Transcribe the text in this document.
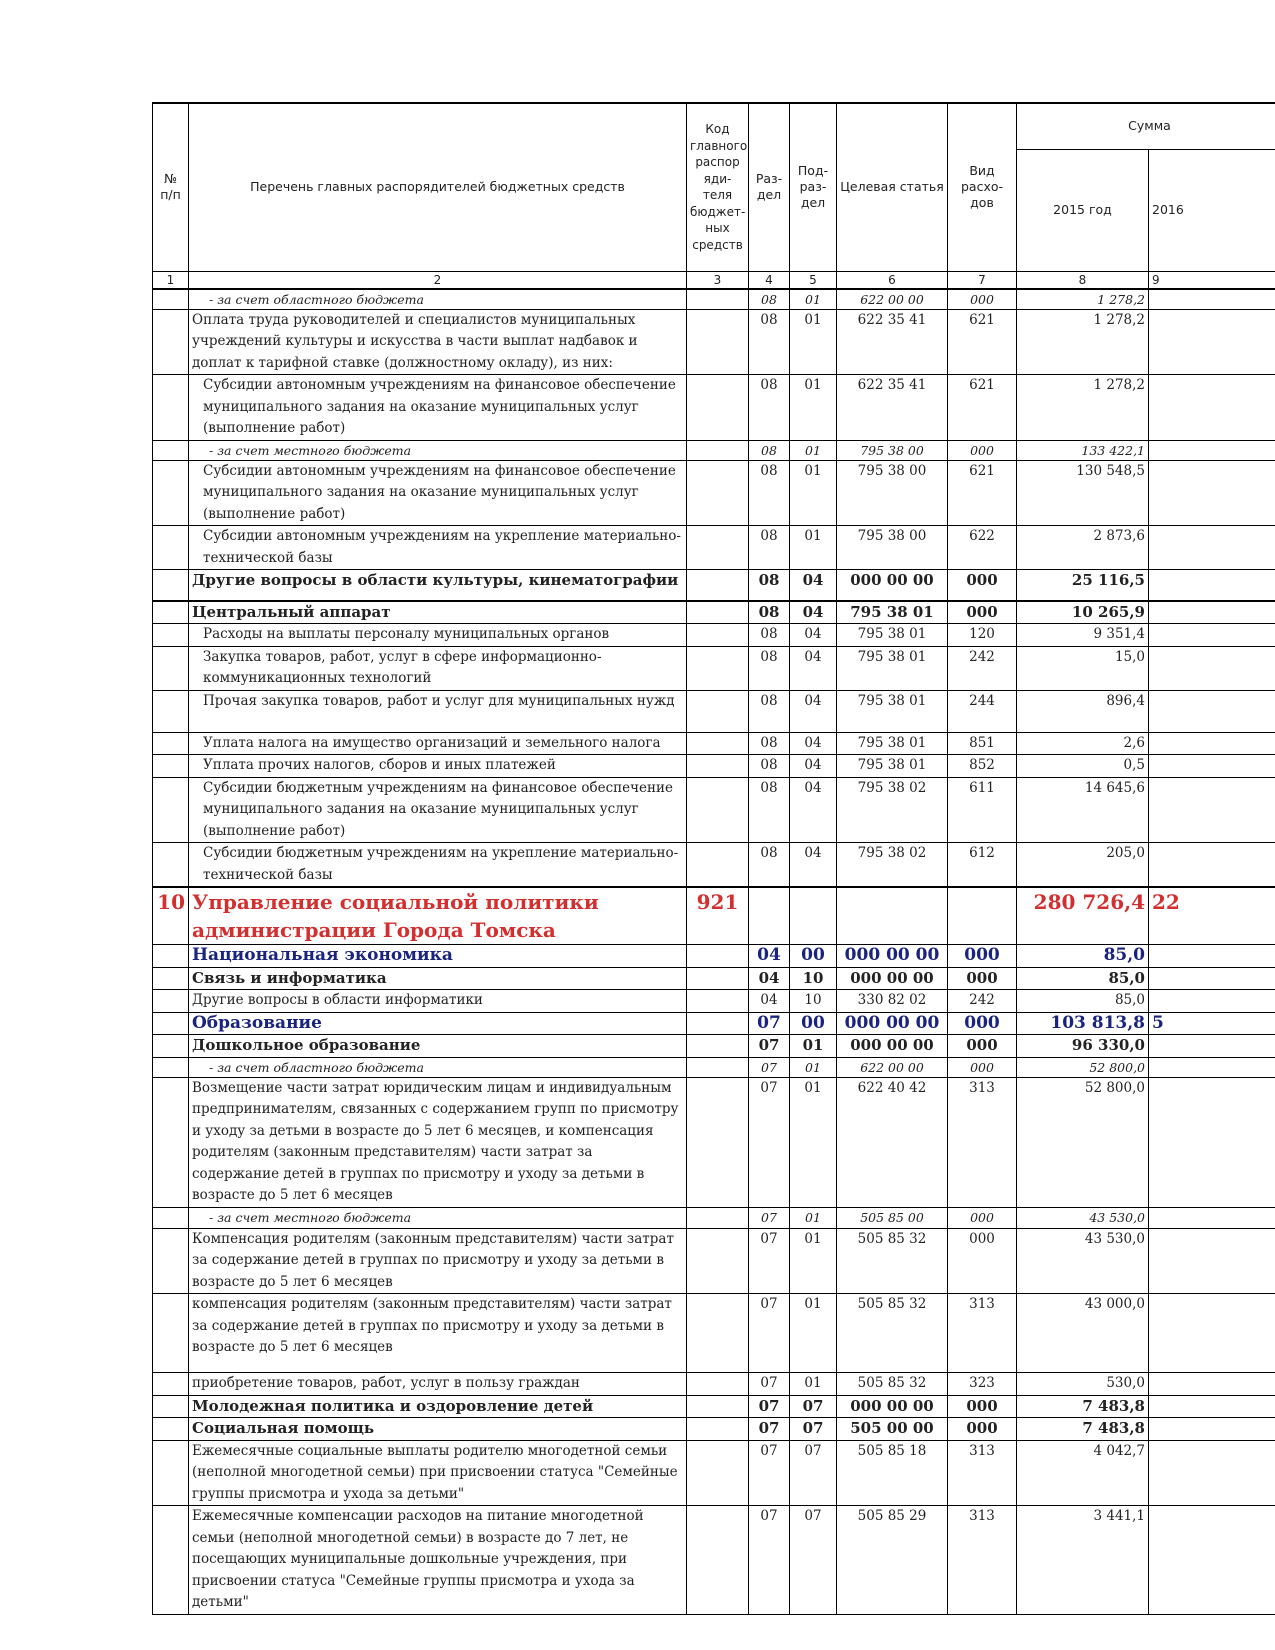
№ п/п	Перечень главных распорядителей бюджетных средств	Код главного распор яди- теля бюджет- ных средств	Раз- дел	Под- раз- дел	Целевая статья	Вид расхо- дов	Сумма	
							2015 год	2016
1	2	3	4	5	6	7	8	9
	- за счет областного бюджета		08	01	622 00 00	000	1 278,2	
	Оплата труда руководителей и специалистов муниципальных учреждений культуры и искусства в части выплат надбавок и доплат к тарифной ставке (должностному окладу), из них:		08	01	622 35 41	621	1 278,2	
	Субсидии автономным учреждениям на финансовое обеспечение муниципального задания на оказание муниципальных услуг (выполнение работ)		08	01	622 35 41	621	1 278,2	
	- за счет местного бюджета		08	01	795 38 00	000	133 422,1	
	Субсидии автономным учреждениям на финансовое обеспечение муниципального задания на оказание муниципальных услуг (выполнение работ)		08	01	795 38 00	621	130 548,5	
	Субсидии автономным учреждениям на укрепление материально-технической базы		08	01	795 38 00	622	2 873,6	
	Другие вопросы в области культуры, кинематографии		08	04	000 00 00	000	25 116,5	
	Центральный аппарат		08	04	795 38 01	000	10 265,9	
	Расходы на выплаты персоналу муниципальных органов		08	04	795 38 01	120	9 351,4	
	Закупка товаров, работ, услуг в сфере информационно-коммуникационных технологий		08	04	795 38 01	242	15,0	
	Прочая закупка товаров, работ и услуг для муниципальных нужд		08	04	795 38 01	244	896,4	
	Уплата налога на имущество организаций и земельного налога		08	04	795 38 01	851	2,6	
	Уплата прочих налогов, сборов и иных платежей		08	04	795 38 01	852	0,5	
	Субсидии бюджетным учреждениям на финансовое обеспечение муниципального задания на оказание муниципальных услуг (выполнение работ)		08	04	795 38 02	611	14 645,6	
	Субсидии бюджетным учреждениям на укрепление материально-технической базы		08	04	795 38 02	612	205,0	
10	Управление социальной политики администрации Города Томска	921					280 726,4	22
	Национальная экономика		04	00	000 00 00	000	85,0	
	Связь и информатика		04	10	000 00 00	000	85,0	
	Другие вопросы в области информатики		04	10	330 82 02	242	85,0	
	Образование		07	00	000 00 00	000	103 813,8	5
	Дошкольное образование		07	01	000 00 00	000	96 330,0	
	- за счет областного бюджета		07	01	622 00 00	000	52 800,0	
	Возмещение части затрат юридическим лицам и индивидуальным предпринимателям, связанных с содержанием групп по присмотру и уходу за детьми в возрасте до 5 лет 6 месяцев, и компенсация родителям (законным представителям) части затрат за содержание детей в группах по присмотру и уходу за детьми в возрасте до 5 лет 6 месяцев		07	01	622 40 42	313	52 800,0	
	- за счет местного бюджета		07	01	505 85 00	000	43 530,0	
	Компенсация родителям (законным представителям) части затрат за содержание детей в группах по присмотру и уходу за детьми в возрасте до 5 лет 6 месяцев		07	01	505 85 32	000	43 530,0	
	компенсация родителям (законным представителям) части затрат за содержание детей в группах по присмотру и уходу за детьми в возрасте до 5 лет 6 месяцев		07	01	505 85 32	313	43 000,0	
	приобретение товаров, работ, услуг в пользу граждан		07	01	505 85 32	323	530,0	
	Молодежная политика и оздоровление детей		07	07	000 00 00	000	7 483,8	
	Социальная помощь		07	07	505 00 00	000	7 483,8	
	Ежемесячные социальные выплаты родителю многодетной семьи (неполной многодетной семьи) при присвоении статуса "Семейные группы присмотра и ухода за детьми"		07	07	505 85 18	313	4 042,7	
	Ежемесячные компенсации расходов на питание многодетной семьи (неполной многодетной семьи) в возрасте до 7 лет, не посещающих муниципальные дошкольные учреждения, при присвоении статуса "Семейные группы присмотра и ухода за детьми"		07	07	505 85 29	313	3 441,1	
